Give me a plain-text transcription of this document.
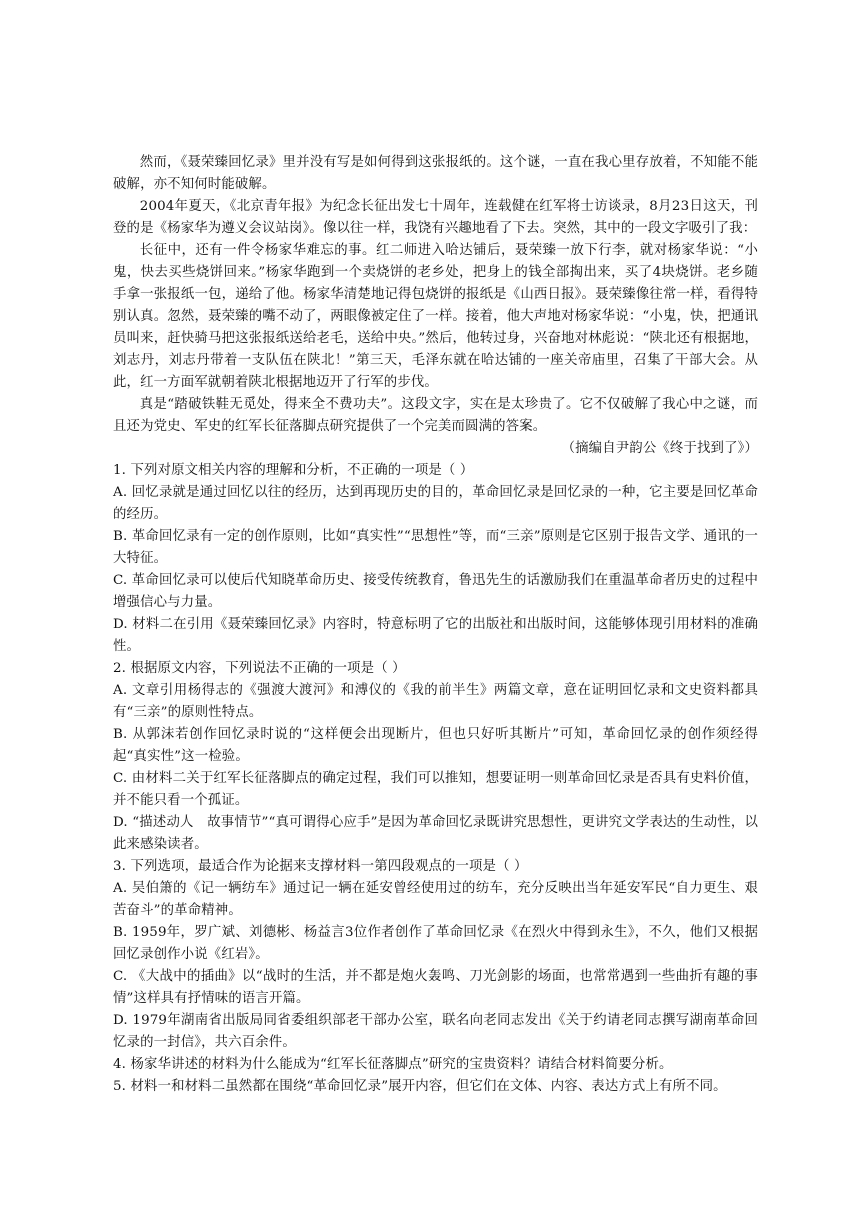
然而，《聂荣臻回忆录》里并没有写是如何得到这张报纸的。这个谜，一直在我心里存放着，不知能不能破解，亦不知何时能破解。

2004年夏天，《北京青年报》为纪念长征出发七十周年，连载健在红军将士访谈录，8月23日这天，刊登的是《杨家华为遵义会议站岗》。像以往一样，我饶有兴趣地看了下去。突然，其中的一段文字吸引了我：

长征中，还有一件令杨家华难忘的事。红二师进入哈达铺后，聂荣臻一放下行李，就对杨家华说：“小鬼，快去买些烧饼回来。”杨家华跑到一个卖烧饼的老乡处，把身上的钱全部掏出来，买了4块烧饼。老乡随手拿一张报纸一包，递给了他。杨家华清楚地记得包烧饼的报纸是《山西日报》。聂荣臻像往常一样，看得特别认真。忽然，聂荣臻的嘴不动了，两眼像被定住了一样。接着，他大声地对杨家华说：“小鬼，快，把通讯员叫来，赶快骑马把这张报纸送给老毛，送给中央。”然后，他转过身，兴奋地对林彪说：“陕北还有根据地，刘志丹，刘志丹带着一支队伍在陕北！”第三天，毛泽东就在哈达铺的一座关帝庙里，召集了干部大会。从此，红一方面军就朝着陕北根据地迈开了行军的步伐。

真是“踏破铁鞋无觅处，得来全不费功夫”。这段文字，实在是太珍贵了。它不仅破解了我心中之谜，而且还为党史、军史的红军长征落脚点研究提供了一个完美而圆满的答案。

（摘编自尹韵公《终于找到了》）

1. 下列对原文相关内容的理解和分析，不正确的一项是（ ）

A. 回忆录就是通过回忆以往的经历，达到再现历史的目的，革命回忆录是回忆录的一种，它主要是回忆革命的经历。

B. 革命回忆录有一定的创作原则，比如“真实性”“思想性”等，而“三亲”原则是它区别于报告文学、通讯的一大特征。

C. 革命回忆录可以使后代知晓革命历史、接受传统教育，鲁迅先生的话激励我们在重温革命者历史的过程中增强信心与力量。

D. 材料二在引用《聂荣臻回忆录》内容时，特意标明了它的出版社和出版时间，这能够体现引用材料的准确性。

2. 根据原文内容，下列说法不正确的一项是（ ）

A. 文章引用杨得志的《强渡大渡河》和溥仪的《我的前半生》两篇文章，意在证明回忆录和文史资料都具有“三亲”的原则性特点。

B. 从郭沫若创作回忆录时说的“这样便会出现断片，但也只好听其断片”可知，革命回忆录的创作须经得起“真实性”这一检验。

C. 由材料二关于红军长征落脚点的确定过程，我们可以推知，想要证明一则革命回忆录是否具有史料价值，并不能只看一个孤证。

D. “描述动人　故事情节”“真可谓得心应手”是因为革命回忆录既讲究思想性，更讲究文学表达的生动性，以此来感染读者。

3. 下列选项，最适合作为论据来支撑材料一第四段观点的一项是（ ）

A. 吴伯箫的《记一辆纺车》通过记一辆在延安曾经使用过的纺车，充分反映出当年延安军民“自力更生、艰苦奋斗”的革命精神。

B. 1959年，罗广斌、刘德彬、杨益言3位作者创作了革命回忆录《在烈火中得到永生》，不久，他们又根据回忆录创作小说《红岩》。

C. 《大战中的插曲》以“战时的生活，并不都是炮火轰鸣、刀光剑影的场面，也常常遇到一些曲折有趣的事情”这样具有抒情味的语言开篇。

D. 1979年湖南省出版局同省委组织部老干部办公室，联名向老同志发出《关于约请老同志撰写湖南革命回忆录的一封信》，共六百余件。

4. 杨家华讲述的材料为什么能成为“红军长征落脚点”研究的宝贵资料？请结合材料简要分析。

5. 材料一和材料二虽然都在围绕“革命回忆录”展开内容，但它们在文体、内容、表达方式上有所不同。
